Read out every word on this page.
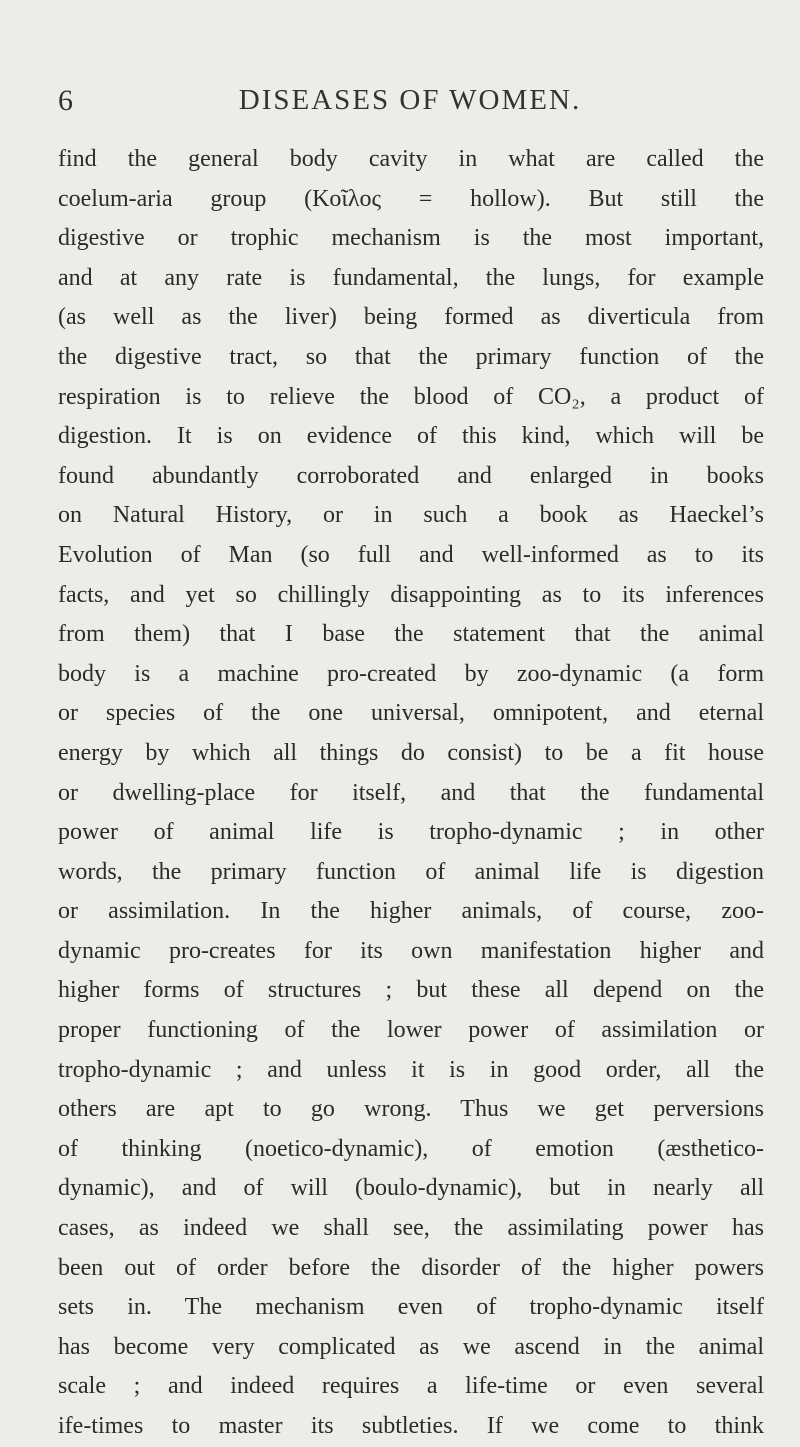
6	DISEASES OF WOMEN.
find the general body cavity in what are called the
coelum-aria group (Κοῖλος = hollow). But still the
digestive or trophic mechanism is the most important,
and at any rate is fundamental, the lungs, for example
(as well as the liver) being formed as diverticula from
the digestive tract, so that the primary function of the
respiration is to relieve the blood of CO₂, a product of
digestion. It is on evidence of this kind, which will be
found abundantly corroborated and enlarged in books
on Natural History, or in such a book as Haeckel’s
Evolution of Man (so full and well-informed as to its
facts, and yet so chillingly disappointing as to its inferences
from them) that I base the statement that the animal
body is a machine pro-created by zoo-dynamic (a form
or species of the one universal, omnipotent, and eternal
energy by which all things do consist) to be a fit house
or dwelling-place for itself, and that the fundamental
power of animal life is tropho-dynamic ; in other
words, the primary function of animal life is digestion
or assimilation. In the higher animals, of course, zoo-
dynamic pro-creates for its own manifestation higher and
higher forms of structures ; but these all depend on the
proper functioning of the lower power of assimilation or
tropho-dynamic ; and unless it is in good order, all the
others are apt to go wrong. Thus we get perversions
of thinking (noetico-dynamic), of emotion (æsthetico-
dynamic), and of will (boulo-dynamic), but in nearly all
cases, as indeed we shall see, the assimilating power has
been out of order before the disorder of the higher powers
sets in. The mechanism even of tropho-dynamic itself
has become very complicated as we ascend in the animal
scale ; and indeed requires a life-time or even several
ife-times to master its subtleties. If we come to think
